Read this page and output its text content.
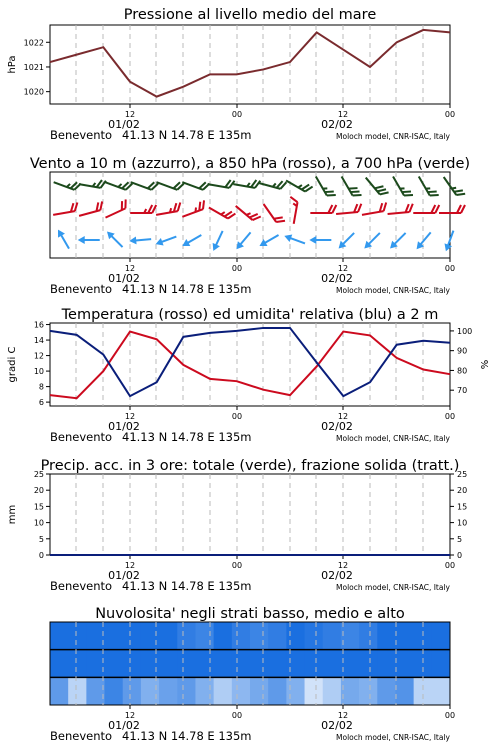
Pressione al livello medio del mare
12	00	12	00
01/02	02/02
Benevento 41.13 N 14.78 E 135m	Moloch model, CNR-ISAC, Italy
1020
1021
1022
hPa
Vento a 10 m (azzurro), a 850 hPa (rosso), a 700 hPa (verde)
12	00	12	00
01/02	02/02
Benevento 41.13 N 14.78 E 135m	Moloch model, CNR-ISAC, Italy
Temperatura (rosso) ed umidita' relativa (blu) a 2 m
12	00	12	00
01/02	02/02
Benevento 41.13 N 14.78 E 135m	Moloch model, CNR-ISAC, Italy
6
8
10
12
14
16
70
80
90
100
gradi C	%
Precip. acc. in 3 ore: totale (verde), frazione solida (tratt.)
12	00	12	00
01/02	02/02
Benevento 41.13 N 14.78 E 135m	Moloch model, CNR-ISAC, Italy
0	0
5	5
10	10
15	15
20	20
25	25
mm
Nuvolosita' negli strati basso, medio e alto
12	00	12	00
01/02	02/02
Benevento 41.13 N 14.78 E 135m	Moloch model, CNR-ISAC, Italy
